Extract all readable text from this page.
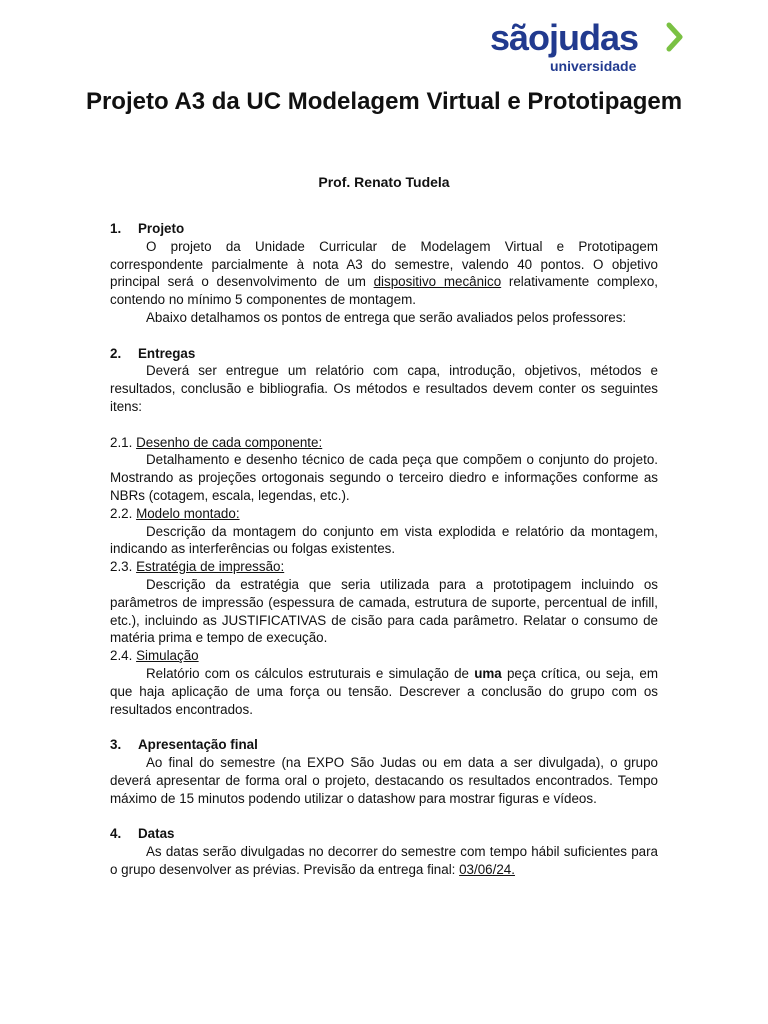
sãojudas
universidade
Projeto A3 da UC Modelagem Virtual e Prototipagem
Prof. Renato Tudela

1. Projeto

O projeto da Unidade Curricular de Modelagem Virtual e Prototipagem correspondente parcialmente à nota A3 do semestre, valendo 40 pontos. O objetivo principal será o desenvolvimento de um dispositivo mecânico relativamente complexo, contendo no mínimo 5 componentes de montagem.

Abaixo detalhamos os pontos de entrega que serão avaliados pelos professores:

2. Entregas

Deverá ser entregue um relatório com capa, introdução, objetivos, métodos e resultados, conclusão e bibliografia. Os métodos e resultados devem conter os seguintes itens:

2.1. Desenho de cada componente:

Detalhamento e desenho técnico de cada peça que compõem o conjunto do projeto. Mostrando as projeções ortogonais segundo o terceiro diedro e informações conforme as NBRs (cotagem, escala, legendas, etc.).

2.2. Modelo montado:

Descrição da montagem do conjunto em vista explodida e relatório da montagem, indicando as interferências ou folgas existentes.

2.3. Estratégia de impressão:

Descrição da estratégia que seria utilizada para a prototipagem incluindo os parâmetros de impressão (espessura de camada, estrutura de suporte, percentual de infill, etc.), incluindo as JUSTIFICATIVAS de cisão para cada parâmetro. Relatar o consumo de matéria prima e tempo de execução.

2.4. Simulação

Relatório com os cálculos estruturais e simulação de uma peça crítica, ou seja, em que haja aplicação de uma força ou tensão. Descrever a conclusão do grupo com os resultados encontrados.

3. Apresentação final

Ao final do semestre (na EXPO São Judas ou em data a ser divulgada), o grupo deverá apresentar de forma oral o projeto, destacando os resultados encontrados. Tempo máximo de 15 minutos podendo utilizar o datashow para mostrar figuras e vídeos.

4. Datas

As datas serão divulgadas no decorrer do semestre com tempo hábil suficientes para o grupo desenvolver as prévias. Previsão da entrega final: 03/06/24.
